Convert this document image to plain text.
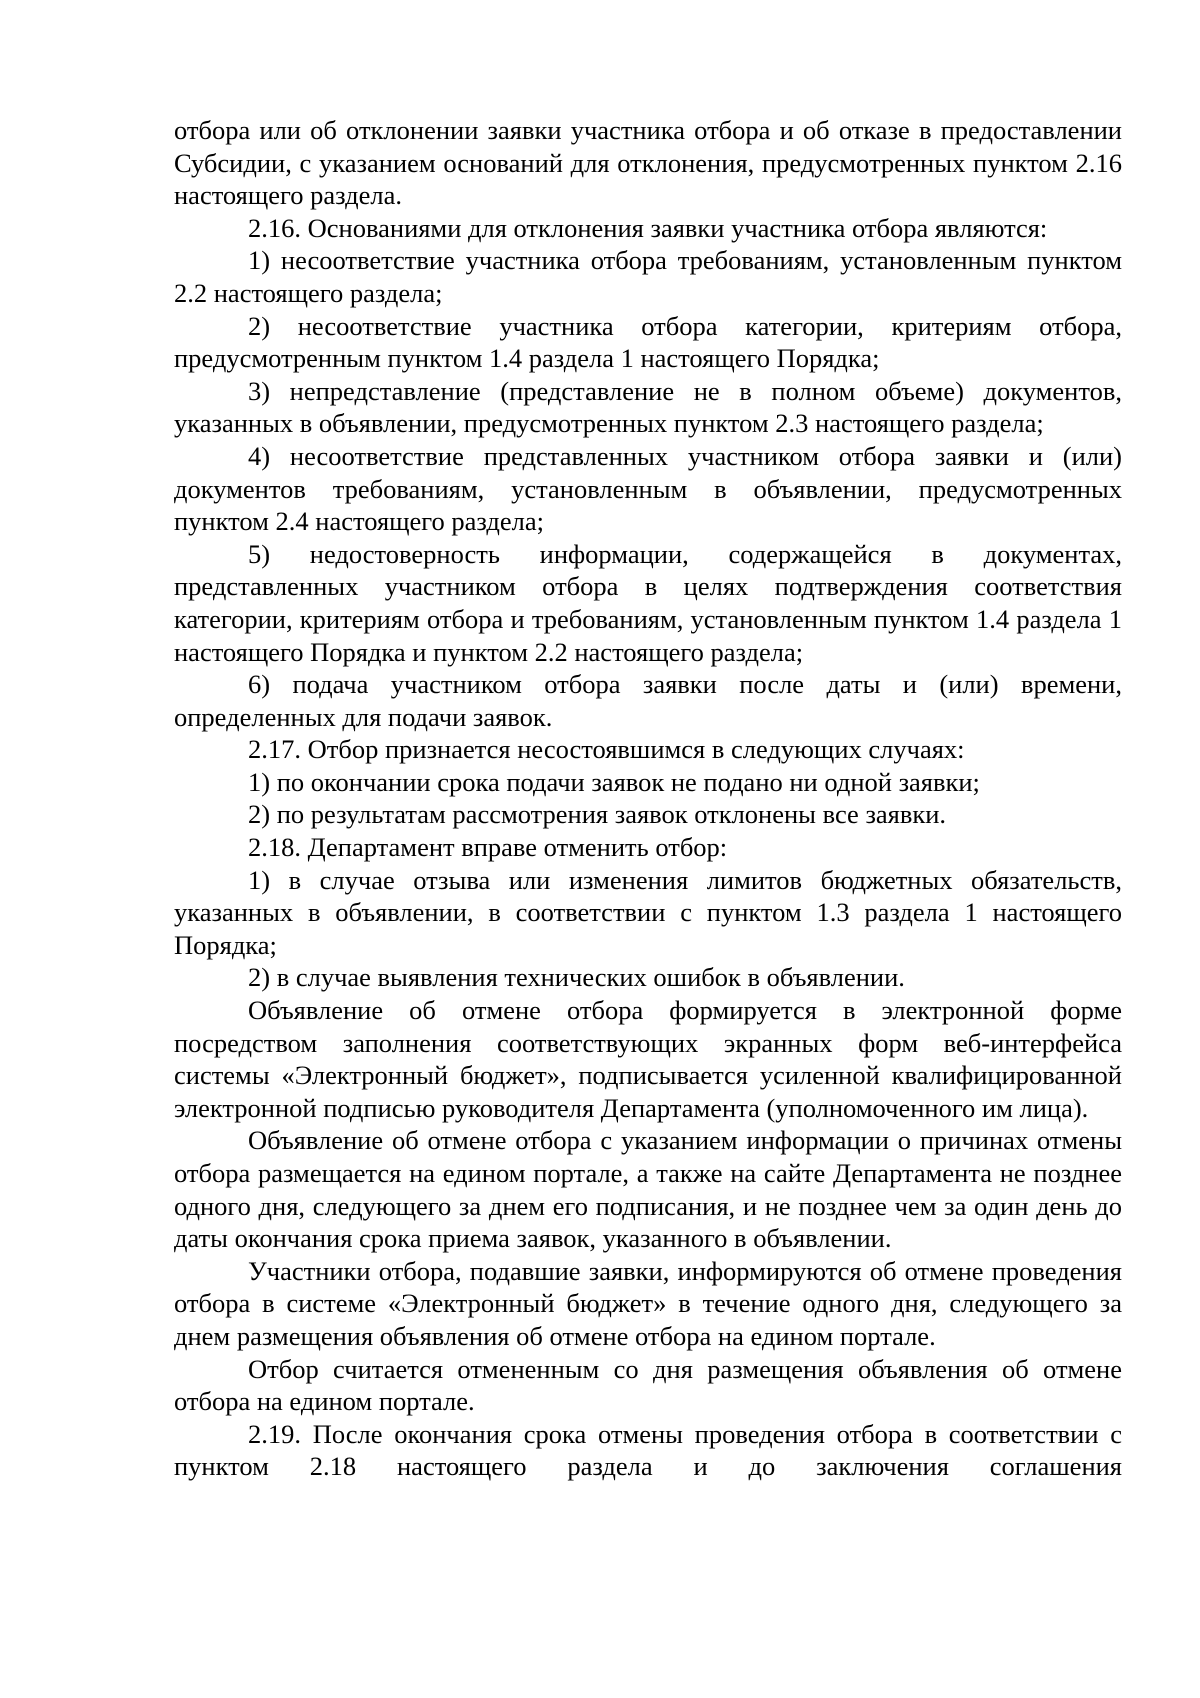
отбора или об отклонении заявки участника отбора и об отказе в предоставлении Субсидии, с указанием оснований для отклонения, предусмотренных пунктом 2.16 настоящего раздела.

2.16. Основаниями для отклонения заявки участника отбора являются:

1) несоответствие участника отбора требованиям, установленным пунктом 2.2 настоящего раздела;

2) несоответствие участника отбора категории, критериям отбора, предусмотренным пунктом 1.4 раздела 1 настоящего Порядка;

3) непредставление (представление не в полном объеме) документов, указанных в объявлении, предусмотренных пунктом 2.3 настоящего раздела;

4) несоответствие представленных участником отбора заявки и (или) документов требованиям, установленным в объявлении, предусмотренных пунктом 2.4 настоящего раздела;

5) недостоверность информации, содержащейся в документах, представленных участником отбора в целях подтверждения соответствия категории, критериям отбора и требованиям, установленным пунктом 1.4 раздела 1 настоящего Порядка и пунктом 2.2 настоящего раздела;

6) подача участником отбора заявки после даты и (или) времени, определенных для подачи заявок.

2.17. Отбор признается несостоявшимся в следующих случаях:

1) по окончании срока подачи заявок не подано ни одной заявки;

2) по результатам рассмотрения заявок отклонены все заявки.

2.18. Департамент вправе отменить отбор:

1) в случае отзыва или изменения лимитов бюджетных обязательств, указанных в объявлении, в соответствии с пунктом 1.3 раздела 1 настоящего Порядка;

2) в случае выявления технических ошибок в объявлении.

Объявление об отмене отбора формируется в электронной форме посредством заполнения соответствующих экранных форм веб-интерфейса системы «Электронный бюджет», подписывается усиленной квалифицированной электронной подписью руководителя Департамента (уполномоченного им лица).

Объявление об отмене отбора с указанием информации о причинах отмены отбора размещается на едином портале, а также на сайте Департамента не позднее одного дня, следующего за днем его подписания, и не позднее чем за один день до даты окончания срока приема заявок, указанного в объявлении.

Участники отбора, подавшие заявки, информируются об отмене проведения отбора в системе «Электронный бюджет» в течение одного дня, следующего за днем размещения объявления об отмене отбора на едином портале.

Отбор считается отмененным со дня размещения объявления об отмене отбора на едином портале.

2.19. После окончания срока отмены проведения отбора в соответствии с пунктом 2.18 настоящего раздела и до заключения соглашения
